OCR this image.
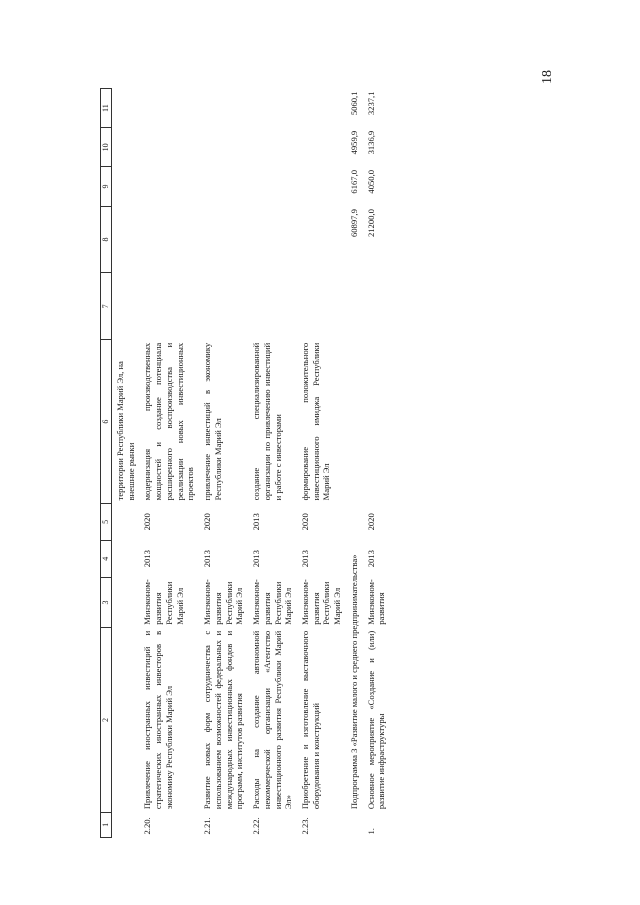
18
1	2	3	4	5	6	7	8	9	10	11
					территории Республики Марий Эл, на внешние рынки					
2.20.	Привлечение иностранных инвестиций и стратегических иностранных инвесторов в экономику Республики Марий Эл	Минэконом- развития Республики Марий Эл	2013	2020	модернизация производственных мощностей и создание потенциала расширенного воспроизводства и реализации новых инвестиционных проектов					
2.21.	Развитие новых форм сотрудничества с использованием возможностей федеральных и международных инвестиционных фондов и программ, институтов развития	Минэконом- развития Республики Марий Эл	2013	2020	привлечение инвестиций в экономику Республики Марий Эл					
2.22.	Расходы на создание автономной некоммерческой организации «Агентство инвестиционного развития Республики Марий Эл»	Минэконом- развития Республики Марий Эл	2013	2013	создание специализированной организации по привлечению инвестиций и работе с инвесторами					
2.23.	Приобретение и изготовление выставочного оборудования и конструкций	Минэконом- развития Республики Марий Эл	2013	2020	формирование положительного инвестиционного имиджа Республики Марий Эл					
	Подпрограмма 3 «Развитие малого и среднего предпринимательства»						60897,9	6167,0	4959,9	5060,1
1.	Основное мероприятие «Создание и (или) развитие инфраструктуры	Минэконом- развития	2013	2020			21200,0	4050,0	3136,9	3237,1
